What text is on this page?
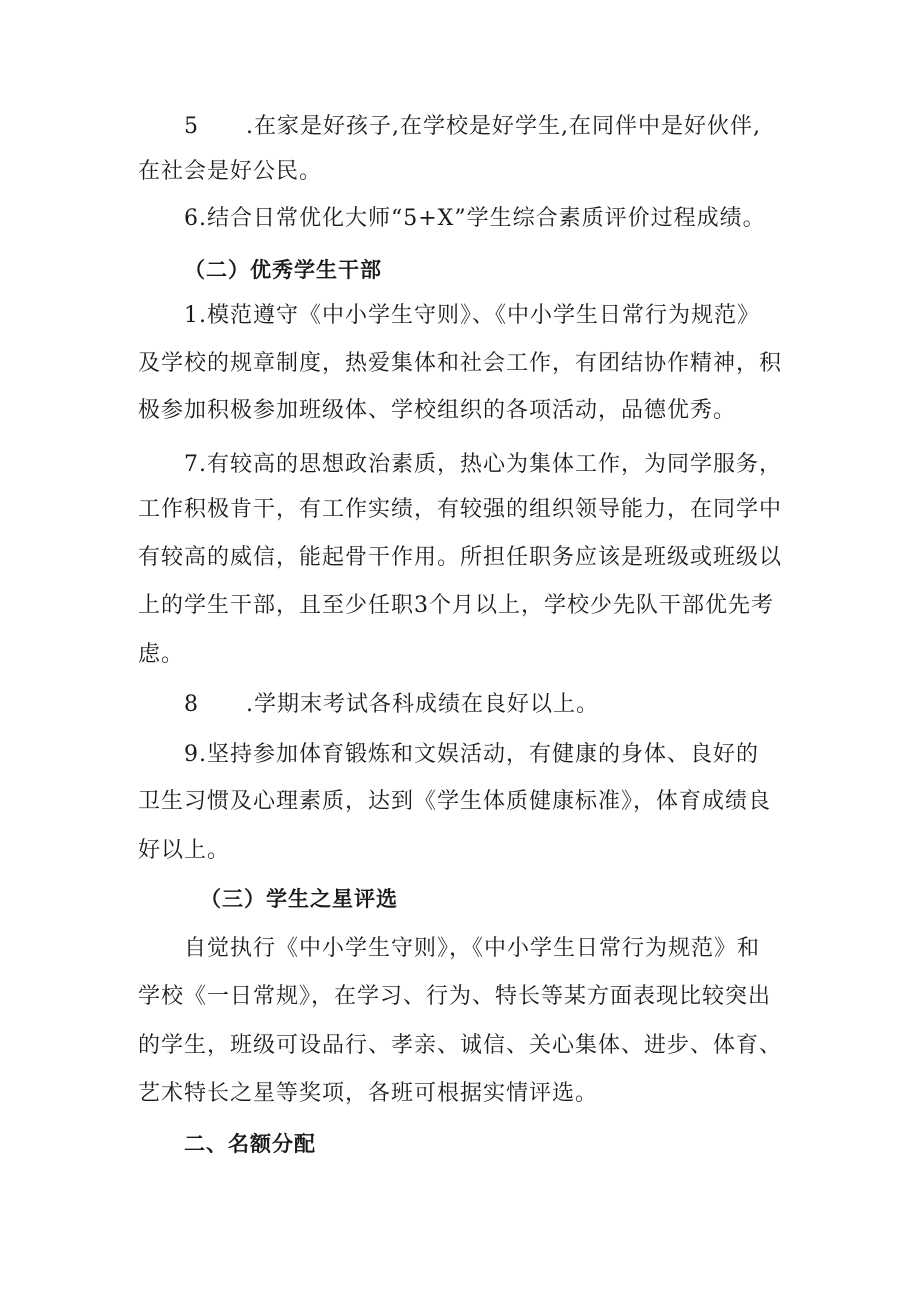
5 .在家是好孩子,在学校是好学生,在同伴中是好伙伴,
在社会是好公民。
6.结合日常优化大师“5+X”学生综合素质评价过程成绩。
（二）优秀学生干部
1.模范遵守《中小学生守则》、《中小学生日常行为规范》
及学校的规章制度，热爱集体和社会工作，有团结协作精神，积
极参加积极参加班级体、学校组织的各项活动，品德优秀。
7.有较高的思想政治素质，热心为集体工作，为同学服务，
工作积极肯干，有工作实绩，有较强的组织领导能力，在同学中
有较高的威信，能起骨干作用。所担任职务应该是班级或班级以
上的学生干部，且至少任职3个月以上，学校少先队干部优先考
虑。
8 .学期末考试各科成绩在良好以上。
9.坚持参加体育锻炼和文娱活动，有健康的身体、良好的
卫生习惯及心理素质，达到《学生体质健康标准》，体育成绩良
好以上。
（三）学生之星评选
自觉执行《中小学生守则》，《中小学生日常行为规范》和
学校《一日常规》，在学习、行为、特长等某方面表现比较突出
的学生，班级可设品行、孝亲、诚信、关心集体、进步、体育、
艺术特长之星等奖项，各班可根据实情评选。
二、名额分配
